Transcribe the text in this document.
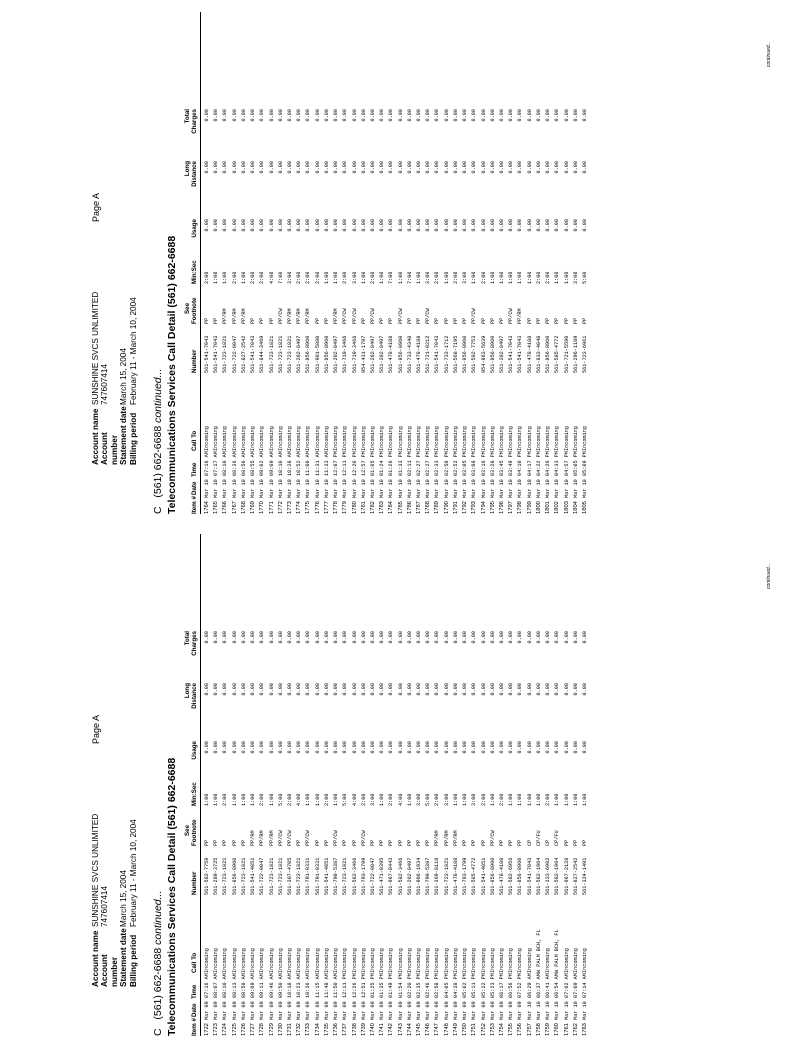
Account name
SUNSHINE SVCS UNLIMITED
Account number
747607414
Statement date
March 15, 2004
Billing period
February 11 - March 10, 2004
Page A
C   (561) 662-6688 continued... Telecommunications Services Call Detail (561) 662-6688 Item #
Date
Time
Call To
Number
See Footnote
Min:Sec
Usage
Long Distance
Total Charges
1722
Mar 09
07:16 AM
Incoming
561-582-7759
PP
1:00
0.00
0.00
0.00
1723
Mar 09
08:07 AM
Incoming
561-289-3725
PP
1:00
0.00
0.00
0.00
1724
Mar 09
08:10 AM
Incoming
561-723-1821
PP
2:00
0.00
0.00
0.00
1725
Mar 09
08:13 AM
Incoming
561-856-8960
PP
1:00
0.00
0.00
0.00
1726
Mar 09
08:58 AM
Incoming
561-723-1821
PP
1:00
0.00
0.00
0.00
1727
Mar 09
09:09 AM
Incoming
561-541-4051
PP/RM
1:00
0.00
0.00
0.00
1728
Mar 09
09:11 AM
Incoming
561-722-0047
PP/RM
2:00
0.00
0.00
0.00
1729
Mar 09
09:46 AM
Incoming
561-723-1821
PP/RM
1:00
0.00
0.00
0.00
1730
Mar 09
09:50 AM
Incoming
561-723-1821
PP/CW
5:00
0.00
0.00
0.00
1731
Mar 09
10:18 AM
Incoming
561-307-4705
PP/CW
2:00
0.00
0.00
0.00
1732
Mar 09
10:23 AM
Incoming
561-723-1821
PP
4:00
0.00
0.00
0.00
1733
Mar 09
10:36 AM
Incoming
561-791-0331
PP/CW
1:00
0.00
0.00
0.00
1734
Mar 09
11:15 AM
Incoming
561-791-0331
PP
1:00
0.00
0.00
0.00
1735
Mar 09
11:48 AM
Incoming
561-541-4051
PP
2:00
0.00
0.00
0.00
1736
Mar 09
11:50 AM
Incoming
561-790-5387
PP/CW
1:00
0.00
0.00
0.00
1737
Mar 09
12:11 PM
Incoming
561-723-1821
PP
5:00
0.00
0.00
0.00
1738
Mar 09
12:26 PM
Incoming
561-582-3466
PP
4:00
0.00
0.00
0.00
1739
Mar 09
12:51 PM
Incoming
561-793-1799
PP/CW
2:00
0.00
0.00
0.00
1740
Mar 09
01:25 PM
Incoming
561-722-0047
PP
3:00
0.00
0.00
0.00
1741
Mar 09
01:35 PM
Incoming
561-471-0395
PP
1:00
0.00
0.00
0.00
1742
Mar 09
01:49 PM
Incoming
561-967-0443
PP
2:00
0.00
0.00
0.00
1743
Mar 09
01:54 PM
Incoming
561-582-3466
PP
4:00
0.00
0.00
0.00
1744
Mar 09
02:20 PM
Incoming
561-202-8497
PP
1:00
0.00
0.00
0.00
1745
Mar 09
02:35 PM
Incoming
561-906-1934
PP
3:00
0.00
0.00
0.00
1746
Mar 09
02:46 PM
Incoming
561-790-5387
PP
5:00
0.00
0.00
0.00
1747
Mar 09
02:58 PM
Incoming
561-369-8118
PP/RM
2:00
0.00
0.00
0.00
1748
Mar 09
04:05 PM
Incoming
561-723-1821
PP/RM
3:00
0.00
0.00
0.00
1749
Mar 09
04:38 PM
Incoming
561-478-4188
PP/RM
1:00
0.00
0.00
0.00
1750
Mar 09
05:02 PM
Incoming
561-793-1799
PP
1:00
0.00
0.00
0.00
1751
Mar 09
05:11 PM
Incoming
561-585-4772
PP
3:00
0.00
0.00
0.00
1752
Mar 09
05:22 PM
Incoming
561-541-4051
PP
2:00
0.00
0.00
0.00
1753
Mar 09
05:23 PM
Incoming
561-856-8960
PP/CW
1:00
0.00
0.00
0.00
1754
Mar 09
06:17 PM
Incoming
561-478-4188
PP
2:00
0.00
0.00
0.00
1755
Mar 09
06:56 PM
Incoming
561-582-6956
PP
1:00
0.00
0.00
0.00
1756
Mar 09
07:52 PM
Incoming
561-856-8960
PP
1:00
0.00
0.00
0.00
1757
Mar 10
06:29 AM
Incoming
561-541-7043
CP
1:00
0.00
0.00
0.00
1758
Mar 10
06:37 AM
W PALM BCH, FL
561-582-1964
CP/FU
1:00
0.00
0.00
0.00
1759
Mar 10
06:41 AM
Incoming
561-333-6982
CP
2:00
0.00
0.00
0.00
1760
Mar 10
06:54 AM
W PALM BCH, FL
561-582-1964
CP/FU
1:00
0.00
0.00
0.00
1761
Mar 10
07:02 AM
Incoming
561-967-2128
PP
1:00
0.00
0.00
0.00
1762
Mar 10
07:09 AM
Incoming
561-827-2542
PP
1:00
0.00
0.00
0.00
1763
Mar 10
07:14 AM
Incoming
561-324-1491
PP
1:00
0.00
0.00
0.00
continued...
Account name
SUNSHINE SVCS UNLIMITED
Account number
747607414
Statement date
March 15, 2004
Billing period
February 11 - March 10, 2004
Page A
C   (561) 662-6688 continued... Telecommunications Services Call Detail (561) 662-6688 Item #
Date
Time
Call To
Number
See Footnote
Min:Sec
Usage
Long Distance
Total Charges
1764
Mar 10
07:16 AM
Incoming
561-541-7043
PP
2:00
0.00
0.00
0.00
1765
Mar 10
07:17 AM
Incoming
561-541-7043
PP
1:00
0.00
0.00
0.00
1766
Mar 10
08:10 AM
Incoming
561-723-1821
PP/RM
1:00
0.00
0.00
0.00
1767
Mar 10
08:36 AM
Incoming
561-722-0047
PP/RM
2:00
0.00
0.00
0.00
1768
Mar 10
08:50 AM
Incoming
561-827-2542
PP/RM
1:00
0.00
0.00
0.00
1769
Mar 10
08:55 AM
Incoming
561-541-7043
PP
2:00
0.00
0.00
0.00
1770
Mar 10
09:02 AM
Incoming
561-844-3469
PP
2:00
0.00
0.00
0.00
1771
Mar 10
09:09 AM
Incoming
561-723-1821
PP
4:00
0.00
0.00
0.00
1772
Mar 10
10:10 AM
Incoming
561-723-1821
PP/CW
7:00
0.00
0.00
0.00
1773
Mar 10
10:28 AM
Incoming
561-723-1821
PP/RM
3:00
0.00
0.00
0.00
1774
Mar 10
10:52 AM
Incoming
561-202-8497
PP/RM
2:00
0.00
0.00
0.00
1775
Mar 10
11:00 AM
Incoming
561-856-8960
PP/RM
2:00
0.00
0.00
0.00
1776
Mar 10
11:31 AM
Incoming
561-901-5880
PP
2:00
0.00
0.00
0.00
1777
Mar 10
11:33 AM
Incoming
561-856-8960
PP
1:00
0.00
0.00
0.00
1778
Mar 10
12:07 PM
Incoming
561-202-8497
PP/RM
1:00
0.00
0.00
0.00
1779
Mar 10
12:11 PM
Incoming
561-719-3466
PP/CW
2:00
0.00
0.00
0.00
1780
Mar 10
12:20 PM
Incoming
561-719-3466
PP/CW
3:00
0.00
0.00
0.00
1781
Mar 10
12:57 PM
Incoming
954-431-1797
PP
1:00
0.00
0.00
0.00
1782
Mar 10
01:05 PM
Incoming
561-202-8497
PP/CW
2:00
0.00
0.00
0.00
1783
Mar 10
01:24 PM
Incoming
561-202-8497
PP
1:00
0.00
0.00
0.00
1784
Mar 10
01:26 PM
Incoming
561-478-4188
PP
7:00
0.00
0.00
0.00
1785
Mar 10
01:33 PM
Incoming
561-856-8960
PP/CW
1:00
0.00
0.00
0.00
1786
Mar 10
02:11 PM
Incoming
561-733-4348
PP
7:00
0.00
0.00
0.00
1787
Mar 10
02:27 PM
Incoming
561-478-4188
PP
1:00
0.00
0.00
0.00
1788
Mar 10
02:27 PM
Incoming
561-721-0212
PP/CW
3:00
0.00
0.00
0.00
1789
Mar 10
02:33 PM
Incoming
561-541-7043
PP
2:00
0.00
0.00
0.00
1790
Mar 10
02:50 PM
Incoming
561-733-1712
PP
1:00
0.00
0.00
0.00
1791
Mar 10
02:52 PM
Incoming
561-568-7195
PP
2:00
0.00
0.00
0.00
1792
Mar 10
03:05 PM
Incoming
561-856-8960
PP
3:00
0.00
0.00
0.00
1793
Mar 10
03:08 PM
Incoming
561-582-7753
PP/CW
1:00
0.00
0.00
0.00
1794
Mar 10
03:16 PM
Incoming
954-963-5639
PP
2:00
0.00
0.00
0.00
1795
Mar 10
03:28 PM
Incoming
561-856-8960
PP
1:00
0.00
0.00
0.00
1796
Mar 10
03:45 PM
Incoming
561-202-8497
PP
1:00
0.00
0.00
0.00
1797
Mar 10
03:49 PM
Incoming
561-541-7043
PP/CW
1:00
0.00
0.00
0.00
1798
Mar 10
04:10 PM
Incoming
561-541-7043
PP/RM
1:00
0.00
0.00
0.00
1799
Mar 10
04:17 PM
Incoming
561-478-4188
PP
1:00
0.00
0.00
0.00
1800
Mar 10
04:22 PM
Incoming
561-833-4048
PP
2:00
0.00
0.00
0.00
1801
Mar 10
04:26 PM
Incoming
561-856-8960
PP
2:00
0.00
0.00
0.00
1802
Mar 10
04:33 PM
Incoming
561-585-4772
PP
1:00
0.00
0.00
0.00
1803
Mar 10
04:57 PM
Incoming
561-721-5590
PP
1:00
0.00
0.00
0.00
1804
Mar 10
05:05 PM
Incoming
561-296-1189
PP
3:00
0.00
0.00
0.00
1805
Mar 10
05:09 PM
Incoming
561-723-6961
PP
5:00
0.00
0.00
0.00
continued...
